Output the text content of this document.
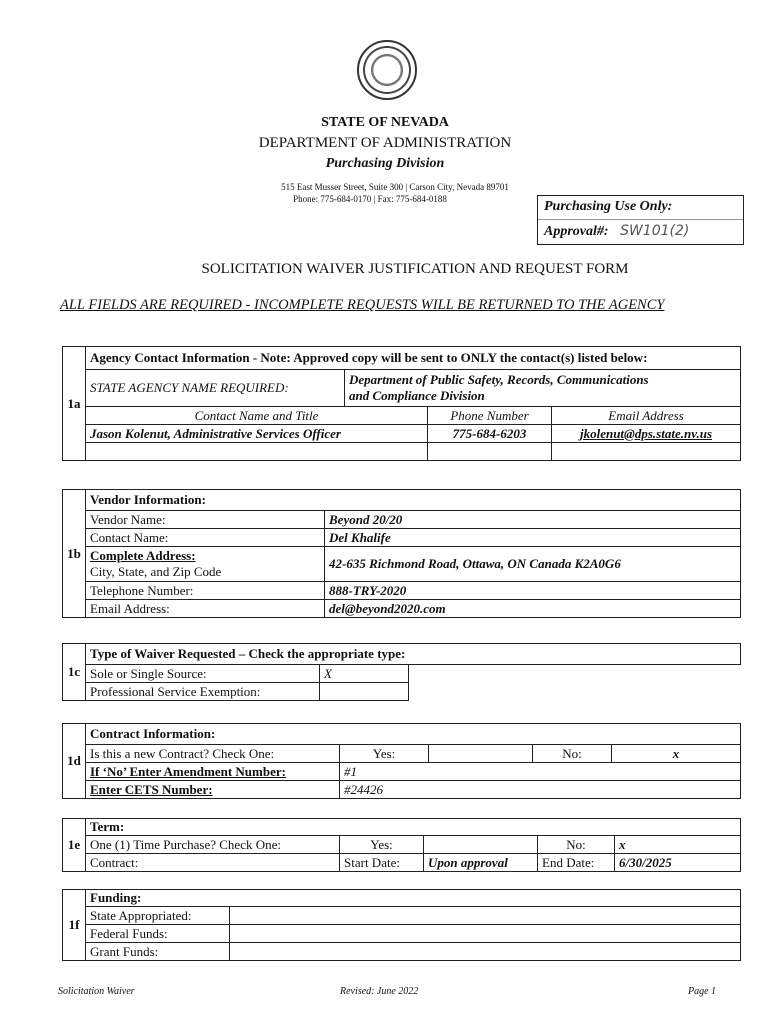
STATE OF NEVADA
DEPARTMENT OF ADMINISTRATION
Purchasing Division
515 East Musser Street, Suite 300 | Carson City, Nevada 89701
Phone: 775-684-0170 | Fax: 775-684-0188	Purchasing Use Only:
Approval#: SW101(2)
SOLICITATION WAIVER JUSTIFICATION AND REQUEST FORM
ALL FIELDS ARE REQUIRED - INCOMPLETE REQUESTS WILL BE RETURNED TO THE AGENCY
1a	Agency Contact Information - Note: Approved copy will be sent to ONLY the contact(s) listed below:			
	STATE AGENCY NAME REQUIRED:	Department of Public Safety, Records, Communications
and Compliance Division		
	Contact Name and Title		Phone Number	Email Address
	Jason Kolenut, Administrative Services Officer		775-684-6203	jkolenut@dps.state.nv.us

1b	Vendor Information:	
	Vendor Name:	Beyond 20/20
	Contact Name:	Del Khalife
	Complete Address:
City, State, and Zip Code	42-635 Richmond Road, Ottawa, ON Canada K2A0G6
	Telephone Number:	888-TRY-2020
	Email Address:	del@beyond2020.com
1c	Type of Waiver Requested – Check the appropriate type:		
	Sole or Single Source:	X	
	Professional Service Exemption:		
1d	Contract Information:				
	Is this a new Contract? Check One:	Yes:		No:	x
	If ‘No’ Enter Amendment Number:	#1			
	Enter CETS Number:	#24426			
1e	Term:				
	One (1) Time Purchase? Check One:	Yes:		No:	x
	Contract:	Start Date:	Upon approval	End Date:	6/30/2025
1f	Funding:	
	State Appropriated:	
	Federal Funds:	
	Grant Funds:	
Solicitation Waiver	Revised: June 2022	Page 1
